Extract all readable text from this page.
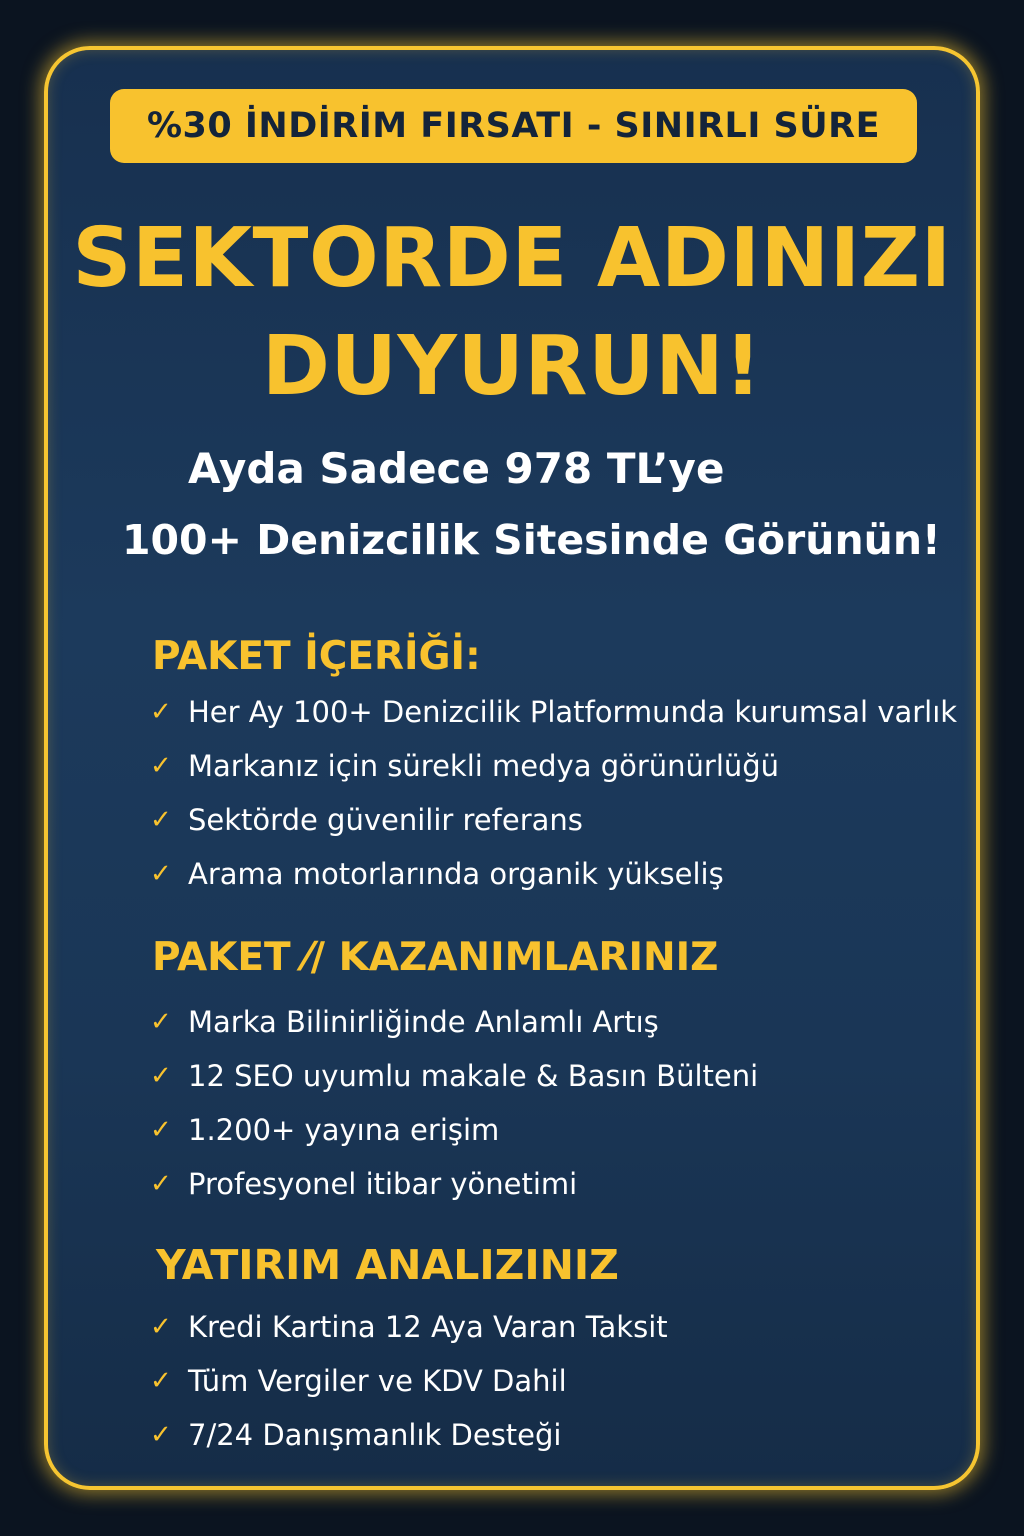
%30 İNDİRİM FIRSATI - SINIRLI SÜRE
SEKTORDE ADINIZI
DUYURUN!
Ayda Sadece 978 TL’ye
100+ Denizcilik Sitesinde Görünün!
PAKET İÇERİĞİ:
✓ Her Ay 100+ Denizcilik Platformunda kurumsal varlık
✓ Markanız için sürekli medya görünürlüğü
✓ Sektörde güvenilir referans
✓ Arama motorlarında organik yükseliş
PAKET ⁄/ KAZANIMLARINIZ
✓ Marka Bilinirliğinde Anlamlı Artış
✓ 12 SEO uyumlu makale & Basın Bülteni
✓ 1.200+ yayına erişim
✓ Profesyonel itibar yönetimi
YATIRIM ANALIZINIZ
✓ Kredi Kartina 12 Aya Varan Taksit
✓ Tüm Vergiler ve KDV Dahil
✓ 7/24 Danışmanlık Desteği
